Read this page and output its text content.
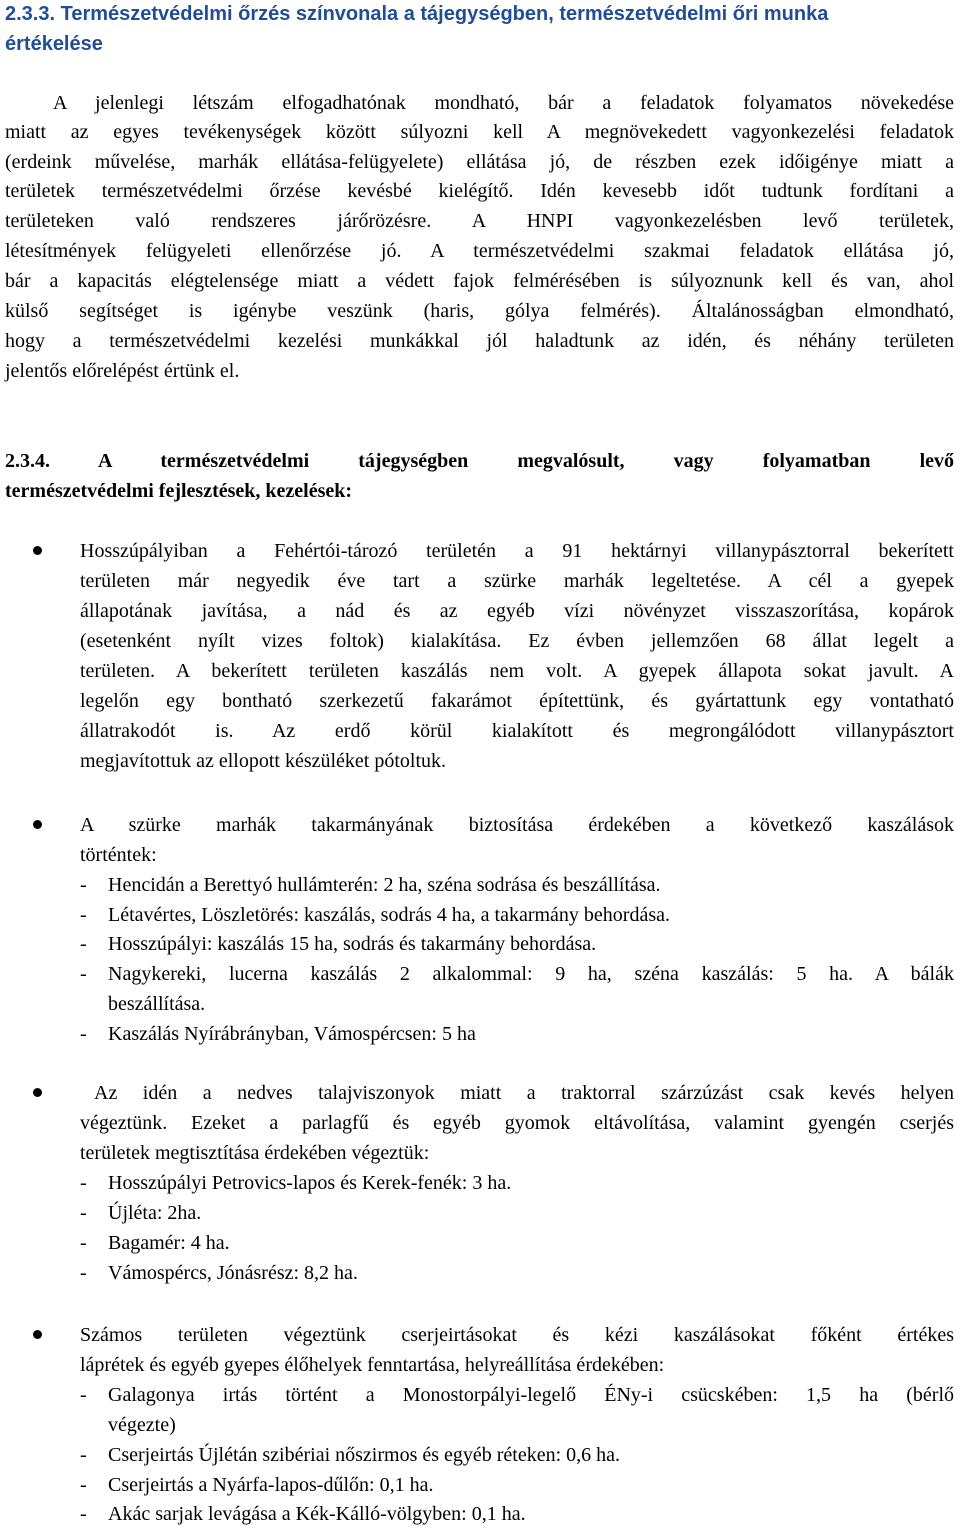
2.3.3. Természetvédelmi őrzés színvonala a tájegységben, természetvédelmi őri munka
értékelése
A jelenlegi létszám elfogadhatónak mondható, bár a feladatok folyamatos növekedése
miatt az egyes tevékenységek között súlyozni kell A megnövekedett vagyonkezelési feladatok
(erdeink művelése, marhák ellátása-felügyelete) ellátása jó, de részben ezek időigénye miatt a
területek természetvédelmi őrzése kevésbé kielégítő. Idén kevesebb időt tudtunk fordítani a
területeken való rendszeres járőrözésre. A HNPI vagyonkezelésben levő területek,
létesítmények felügyeleti ellenőrzése jó. A természetvédelmi szakmai feladatok ellátása jó,
bár a kapacitás elégtelensége miatt a védett fajok felmérésében is súlyoznunk kell és van, ahol
külső segítséget is igénybe veszünk (haris, gólya felmérés). Általánosságban elmondható,
hogy a természetvédelmi kezelési munkákkal jól haladtunk az idén, és néhány területen
jelentős előrelépést értünk el.
2.3.4. A természetvédelmi tájegységben megvalósult, vagy folyamatban levő
természetvédelmi fejlesztések, kezelések:
Hosszúpályiban a Fehértói-tározó területén a 91 hektárnyi villanypásztorral bekerített
területen már negyedik éve tart a szürke marhák legeltetése. A cél a gyepek
állapotának javítása, a nád és az egyéb vízi növényzet visszaszorítása, kopárok
(esetenként nyílt vizes foltok) kialakítása. Ez évben jellemzően 68 állat legelt a
területen. A bekerített területen kaszálás nem volt. A gyepek állapota sokat javult. A
legelőn egy bontható szerkezetű fakarámot építettünk, és gyártattunk egy vontatható
állatrakodót is. Az erdő körül kialakított és megrongálódott villanypásztort
megjavítottuk az ellopott készüléket pótoltuk.
A szürke marhák takarmányának biztosítása érdekében a következő kaszálások
történtek:
- Hencidán a Berettyó hullámterén: 2 ha, széna sodrása és beszállítása.
- Létavértes, Löszletörés: kaszálás, sodrás 4 ha, a takarmány behordása.
- Hosszúpályi: kaszálás 15 ha, sodrás és takarmány behordása.
- Nagykereki, lucerna kaszálás 2 alkalommal: 9 ha, széna kaszálás: 5 ha. A bálák
beszállítása.
- Kaszálás Nyírábrányban, Vámospércsen: 5 ha
Az idén a nedves talajviszonyok miatt a traktorral szárzúzást csak kevés helyen
végeztünk. Ezeket a parlagfű és egyéb gyomok eltávolítása, valamint gyengén cserjés
területek megtisztítása érdekében végeztük:
- Hosszúpályi Petrovics-lapos és Kerek-fenék: 3 ha.
- Újléta: 2ha.
- Bagamér: 4 ha.
- Vámospércs, Jónásrész: 8,2 ha.
Számos területen végeztünk cserjeirtásokat és kézi kaszálásokat főként értékes
láprétek és egyéb gyepes élőhelyek fenntartása, helyreállítása érdekében:
- Galagonya irtás történt a Monostorpályi-legelő ÉNy-i csücskében: 1,5 ha (bérlő
végezte)
- Cserjeirtás Újlétán szibériai nőszirmos és egyéb réteken: 0,6 ha.
- Cserjeirtás a Nyárfa-lapos-dűlőn: 0,1 ha.
- Akác sarjak levágása a Kék-Kálló-völgyben: 0,1 ha.
